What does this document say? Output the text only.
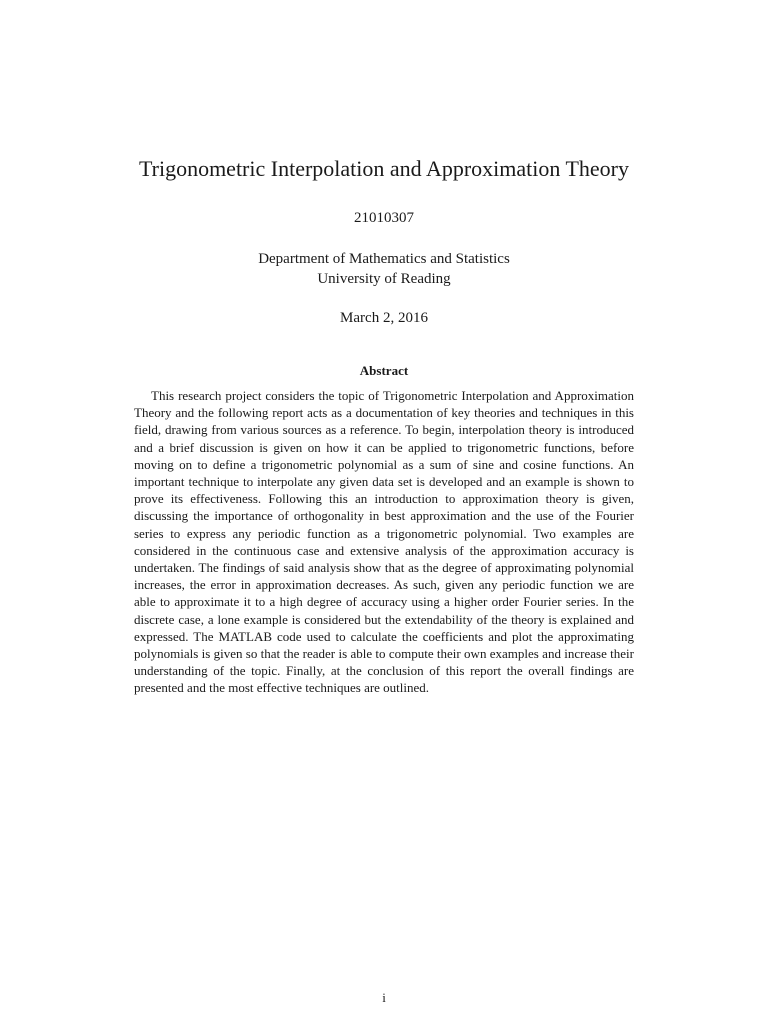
Trigonometric Interpolation and Approximation Theory
21010307
Department of Mathematics and Statistics
University of Reading
March 2, 2016
Abstract

This research project considers the topic of Trigonometric Interpolation and Approximation Theory and the following report acts as a documentation of key theories and techniques in this field, drawing from various sources as a reference. To begin, interpolation theory is introduced and a brief discussion is given on how it can be applied to trigonometric functions, before moving on to define a trigonometric polynomial as a sum of sine and cosine functions. An important technique to interpolate any given data set is developed and an example is shown to prove its effectiveness. Following this an introduction to approximation theory is given, discussing the importance of orthogonality in best approximation and the use of the Fourier series to express any periodic function as a trigonometric polynomial. Two examples are considered in the continuous case and extensive analysis of the approximation accuracy is undertaken. The findings of said analysis show that as the degree of approximating polynomial increases, the error in approximation decreases. As such, given any periodic function we are able to approximate it to a high degree of accuracy using a higher order Fourier series. In the discrete case, a lone example is considered but the extendability of the theory is explained and expressed. The MATLAB code used to calculate the coefficients and plot the approximating polynomials is given so that the reader is able to compute their own examples and increase their understanding of the topic. Finally, at the conclusion of this report the overall findings are presented and the most effective techniques are outlined.

i
